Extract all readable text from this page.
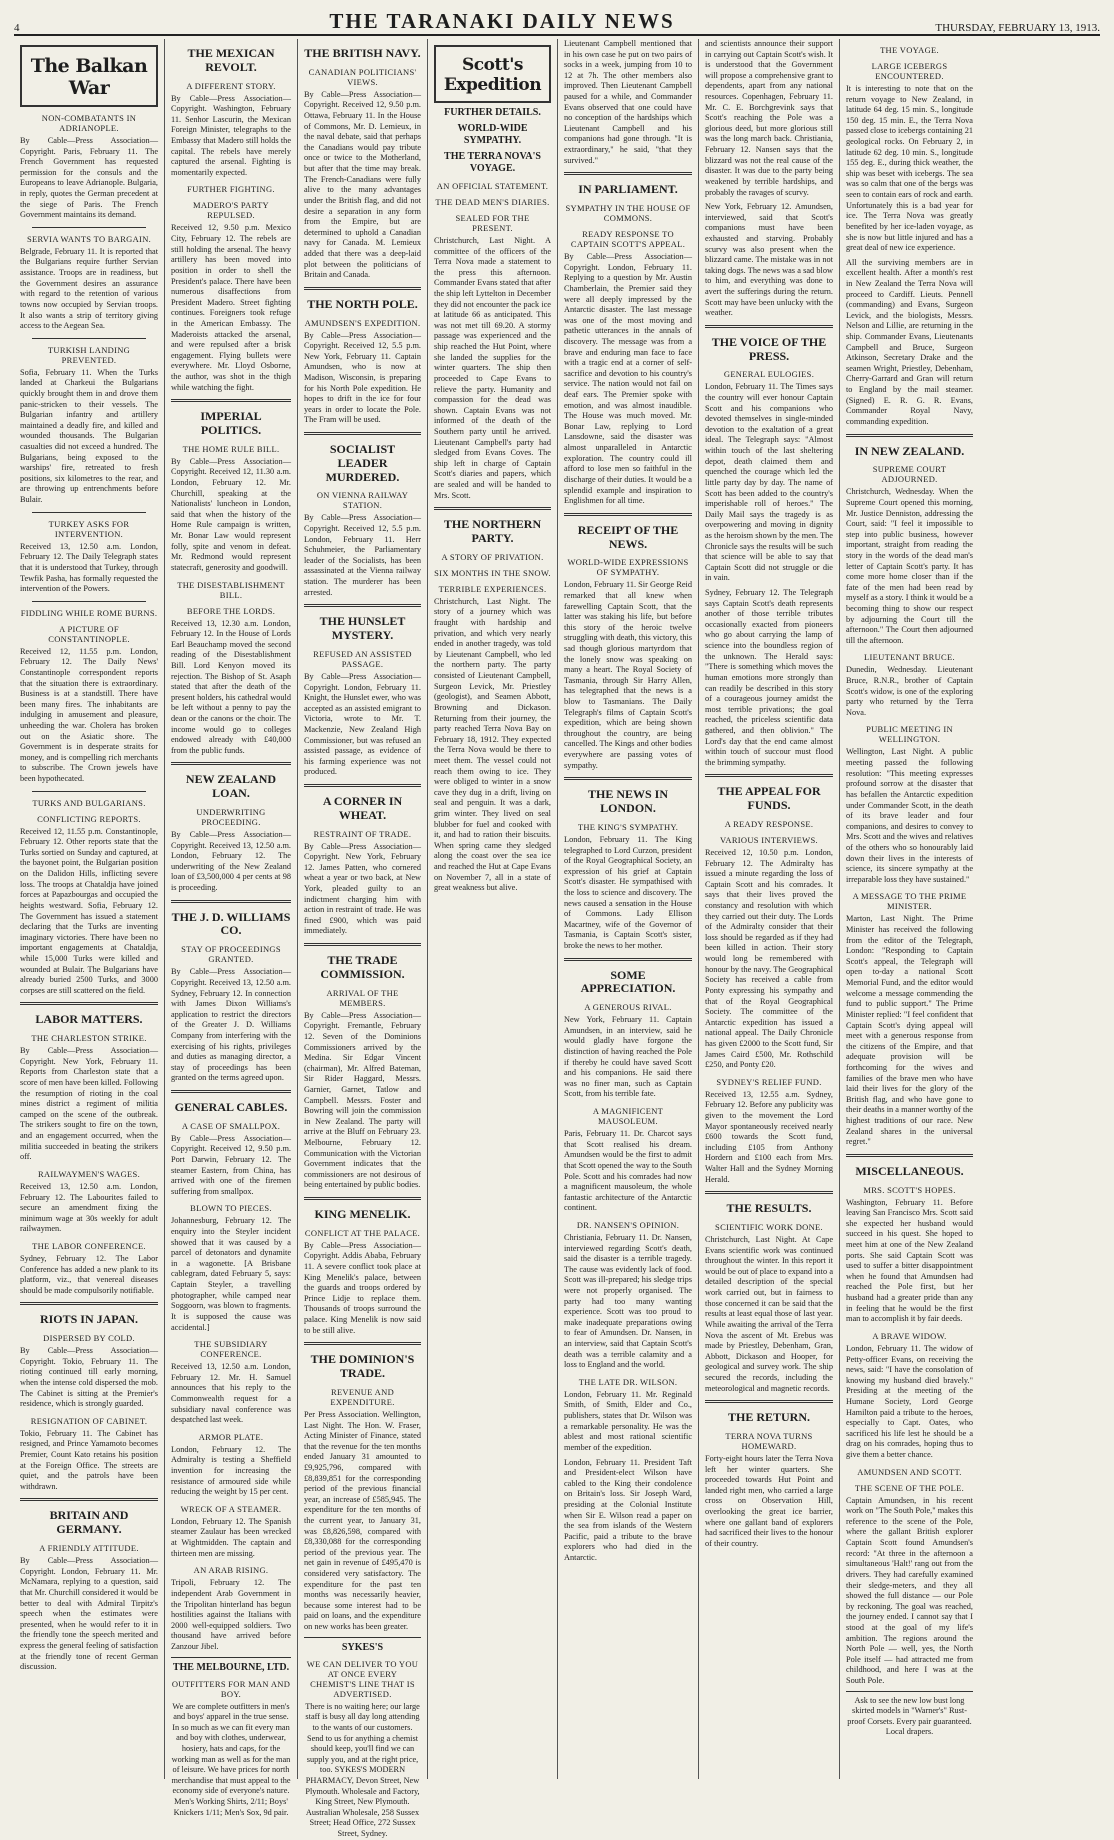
4	THE TARANAKI DAILY NEWS	THURSDAY, FEBRUARY 13, 1913.
The Balkan War
NON-COMBATANTS IN ADRIANOPLE.

By Cable—Press Association—Copyright. Paris, February 11. The French Government has requested permission for the consuls and the Europeans to leave Adrianople. Bulgaria, in reply, quotes the German precedent at the siege of Paris. The French Government maintains its demand.

SERVIA WANTS TO BARGAIN.

Belgrade, February 11. It is reported that the Bulgarians require further Servian assistance. Troops are in readiness, but the Government desires an assurance with regard to the retention of various towns now occupied by Servian troops. It also wants a strip of territory giving access to the Aegean Sea.

TURKISH LANDING PREVENTED.

Sofia, February 11. When the Turks landed at Charkeui the Bulgarians quickly brought them in and drove them panic-stricken to their vessels. The Bulgarian infantry and artillery maintained a deadly fire, and killed and wounded thousands. The Bulgarian casualties did not exceed a hundred. The Bulgarians, being exposed to the warships' fire, retreated to fresh positions, six kilometres to the rear, and are throwing up entrenchments before Bulair.

TURKEY ASKS FOR INTERVENTION.

Received 13, 12.50 a.m. London, February 12. The Daily Telegraph states that it is understood that Turkey, through Tewfik Pasha, has formally requested the intervention of the Powers.

FIDDLING WHILE ROME BURNS.
A PICTURE OF CONSTANTINOPLE.

Received 12, 11.55 p.m. London, February 12. The Daily News' Constantinople correspondent reports that the situation there is extraordinary. Business is at a standstill. There have been many fires. The inhabitants are indulging in amusement and pleasure, unheeding the war. Cholera has broken out on the Asiatic shore. The Government is in desperate straits for money, and is compelling rich merchants to subscribe. The Crown jewels have been hypothecated.

TURKS AND BULGARIANS.
CONFLICTING REPORTS.

Received 12, 11.55 p.m. Constantinople, February 12. Other reports state that the Turks sortied on Sunday and captured, at the bayonet point, the Bulgarian position on the Dalidon Hills, inflicting severe loss. The troops at Chataldja have joined forces at Papazbourgas and occupied the heights westward. Sofia, February 12. The Government has issued a statement declaring that the Turks are inventing imaginary victories. There have been no important engagements at Chataldja, while 15,000 Turks were killed and wounded at Bulair. The Bulgarians have already buried 2500 Turks, and 3000 corpses are still scattered on the field.

LABOR MATTERS.
THE CHARLESTON STRIKE.

By Cable—Press Association—Copyright. New York, February 11. Reports from Charleston state that a score of men have been killed. Following the resumption of rioting in the coal mines district a regiment of militia camped on the scene of the outbreak. The strikers sought to fire on the town, and an engagement occurred, when the militia succeeded in beating the strikers off.

RAILWAYMEN'S WAGES.

Received 13, 12.50 a.m. London, February 12. The Labourites failed to secure an amendment fixing the minimum wage at 30s weekly for adult railwaymen.

THE LABOR CONFERENCE.

Sydney, February 12. The Labor Conference has added a new plank to its platform, viz., that venereal diseases should be made compulsorily notifiable.

RIOTS IN JAPAN.
DISPERSED BY COLD.

By Cable—Press Association—Copyright. Tokio, February 11. The rioting continued till early morning, when the intense cold dispersed the mob. The Cabinet is sitting at the Premier's residence, which is strongly guarded.

RESIGNATION OF CABINET.

Tokio, February 11. The Cabinet has resigned, and Prince Yamamoto becomes Premier, Count Kato retains his position at the Foreign Office. The streets are quiet, and the patrols have been withdrawn.

BRITAIN AND GERMANY.
A FRIENDLY ATTITUDE.

By Cable—Press Association—Copyright. London, February 11. Mr. McNamara, replying to a question, said that Mr. Churchill considered it would be better to deal with Admiral Tirpitz's speech when the estimates were presented, when he would refer to it in the friendly tone the speech merited and express the general feeling of satisfaction at the friendly tone of recent German discussion.

THE MEXICAN REVOLT.
A DIFFERENT STORY.

By Cable—Press Association—Copyright. Washington, February 11. Senhor Lascurin, the Mexican Foreign Minister, telegraphs to the Embassy that Madero still holds the capital. The rebels have merely captured the arsenal. Fighting is momentarily expected.

FURTHER FIGHTING.
MADERO'S PARTY REPULSED.

Received 12, 9.50 p.m. Mexico City, February 12. The rebels are still holding the arsenal. The heavy artillery has been moved into position in order to shell the President's palace. There have been numerous disaffections from President Madero. Street fighting continues. Foreigners took refuge in the American Embassy. The Maderoists attacked the arsenal, and were repulsed after a brisk engagement. Flying bullets were everywhere. Mr. Lloyd Osborne, the author, was shot in the thigh while watching the fight.

IMPERIAL POLITICS.
THE HOME RULE BILL.

By Cable—Press Association—Copyright. Received 12, 11.30 a.m. London, February 12. Mr. Churchill, speaking at the Nationalists' luncheon in London, said that when the history of the Home Rule campaign is written, Mr. Bonar Law would represent folly, spite and venom in defeat. Mr. Redmond would represent statecraft, generosity and goodwill.

THE DISESTABLISHMENT BILL.
BEFORE THE LORDS.

Received 13, 12.30 a.m. London, February 12. In the House of Lords Earl Beauchamp moved the second reading of the Disestablishment Bill. Lord Kenyon moved its rejection. The Bishop of St. Asaph stated that after the death of the present holders, his cathedral would be left without a penny to pay the dean or the canons or the choir. The income would go to colleges endowed already with £40,000 from the public funds.

NEW ZEALAND LOAN.
UNDERWRITING PROCEEDING.

By Cable—Press Association—Copyright. Received 13, 12.50 a.m. London, February 12. The underwriting of the New Zealand loan of £3,500,000 4 per cents at 98 is proceeding.

THE J. D. WILLIAMS CO.
STAY OF PROCEEDINGS GRANTED.

By Cable—Press Association—Copyright. Received 13, 12.50 a.m. Sydney, February 12. In connection with James Dixon Williams's application to restrict the directors of the Greater J. D. Williams Company from interfering with the exercising of his rights, privileges and duties as managing director, a stay of proceedings has been granted on the terms agreed upon.

GENERAL CABLES.
A CASE OF SMALLPOX.

By Cable—Press Association—Copyright. Received 12, 9.50 p.m. Port Darwin, February 12. The steamer Eastern, from China, has arrived with one of the firemen suffering from smallpox.

BLOWN TO PIECES.

Johannesburg, February 12. The enquiry into the Steyler incident showed that it was caused by a parcel of detonators and dynamite in a wagonette. [A Brisbane cablegram, dated February 5, says: Captain Steyler, a travelling photographer, while camped near Soggoorn, was blown to fragments. It is supposed the cause was accidental.]

THE SUBSIDIARY CONFERENCE.

Received 13, 12.50 a.m. London, February 12. Mr. H. Samuel announces that his reply to the Commonwealth request for a subsidiary naval conference was despatched last week.

ARMOR PLATE.

London, February 12. The Admiralty is testing a Sheffield invention for increasing the resistance of armoured side while reducing the weight by 15 per cent.

WRECK OF A STEAMER.

London, February 12. The Spanish steamer Zaulaur has been wrecked at Wightmidden. The captain and thirteen men are missing.

AN ARAB RISING.

Tripoli, February 12. The independent Arab Government in the Tripolitan hinterland has begun hostilities against the Italians with 2000 well-equipped soldiers. Two thousand have arrived before Zanzour Jibel.

THE MELBOURNE, LTD.
OUTFITTERS FOR MAN AND BOY.

We are complete outfitters in men's and boys' apparel in the true sense. In so much as we can fit every man and boy with clothes, underwear, hosiery, hats and caps, for the working man as well as for the man of leisure. We have prices for north merchandise that must appeal to the economy side of everyone's nature. Men's Working Shirts, 2/11; Boys' Knickers 1/11; Men's Sox, 9d pair.

THE BRITISH NAVY.
CANADIAN POLITICIANS' VIEWS.

By Cable—Press Association—Copyright. Received 12, 9.50 p.m. Ottawa, February 11. In the House of Commons, Mr. D. Lemieux, in the naval debate, said that perhaps the Canadians would pay tribute once or twice to the Motherland, but after that the time may break. The French-Canadians were fully alive to the many advantages under the British flag, and did not desire a separation in any form from the Empire, but are determined to uphold a Canadian navy for Canada. M. Lemieux added that there was a deep-laid plot between the politicians of Britain and Canada.

THE NORTH POLE.
AMUNDSEN'S EXPEDITION.

By Cable—Press Association—Copyright. Received 12, 5.5 p.m. New York, February 11. Captain Amundsen, who is now at Madison, Wisconsin, is preparing for his North Pole expedition. He hopes to drift in the ice for four years in order to locate the Pole. The Fram will be used.

SOCIALIST LEADER MURDERED.
ON VIENNA RAILWAY STATION.

By Cable—Press Association—Copyright. Received 12, 5.5 p.m. London, February 11. Herr Schuhmeier, the Parliamentary leader of the Socialists, has been assassinated at the Vienna railway station. The murderer has been arrested.

THE HUNSLET MYSTERY.
REFUSED AN ASSISTED PASSAGE.

By Cable—Press Association—Copyright. London, February 11. Knight, the Hunslet ewer, who was accepted as an assisted emigrant to Victoria, wrote to Mr. T. Mackenzie, New Zealand High Commissioner, but was refused an assisted passage, as evidence of his farming experience was not produced.

A CORNER IN WHEAT.
RESTRAINT OF TRADE.

By Cable—Press Association—Copyright. New York, February 12. James Patten, who cornered wheat a year or two back, at New York, pleaded guilty to an indictment charging him with action in restraint of trade. He was fined £900, which was paid immediately.

THE TRADE COMMISSION.
ARRIVAL OF THE MEMBERS.

By Cable—Press Association—Copyright. Fremantle, February 12. Seven of the Dominions Commissioners arrived by the Medina. Sir Edgar Vincent (chairman), Mr. Alfred Bateman, Sir Rider Haggard, Messrs. Garnier, Garnet, Tatlow and Campbell. Messrs. Foster and Bowring will join the commission in New Zealand. The party will arrive at the Bluff on February 23. Melbourne, February 12. Communication with the Victorian Government indicates that the commissioners are not desirous of being entertained by public bodies.

KING MENELIK.
CONFLICT AT THE PALACE.

By Cable—Press Association—Copyright. Addis Ababa, February 11. A severe conflict took place at King Menelik's palace, between the guards and troops ordered by Prince Lidje to replace them. Thousands of troops surround the palace. King Menelik is now said to be still alive.

THE DOMINION'S TRADE.
REVENUE AND EXPENDITURE.

Per Press Association. Wellington, Last Night. The Hon. W. Fraser, Acting Minister of Finance, stated that the revenue for the ten months ended January 31 amounted to £9,925,796, compared with £8,839,851 for the corresponding period of the previous financial year, an increase of £585,945. The expenditure for the ten months of the current year, to January 31, was £8,826,598, compared with £8,330,088 for the corresponding period of the previous year. The net gain in revenue of £495,470 is considered very satisfactory. The expenditure for the past ten months was necessarily heavier, because some interest had to be paid on loans, and the expenditure on new works has been greater.

SYKES'S
WE CAN DELIVER TO YOU AT ONCE EVERY CHEMIST'S LINE THAT IS ADVERTISED.

There is no waiting here; our large staff is busy all day long attending to the wants of our customers. Send to us for anything a chemist should keep, you'll find we can supply you, and at the right price, too. SYKES'S MODERN PHARMACY, Devon Street, New Plymouth. Wholesale and Factory, King Street, New Plymouth. Australian Wholesale, 258 Sussex Street; Head Office, 272 Sussex Street, Sydney.

Scott's Expedition
FURTHER DETAILS.
WORLD-WIDE SYMPATHY.
THE TERRA NOVA'S VOYAGE.
AN OFFICIAL STATEMENT.
THE DEAD MEN'S DIARIES.
SEALED FOR THE PRESENT.

Christchurch, Last Night. A committee of the officers of the Terra Nova made a statement to the press this afternoon. Commander Evans stated that after the ship left Lyttelton in December they did not encounter the pack ice at latitude 66 as anticipated. This was not met till 69.20. A stormy passage was experienced and the ship reached the Hut Point, where she landed the supplies for the winter quarters. The ship then proceeded to Cape Evans to relieve the party. Humanity and compassion for the dead was shown. Captain Evans was not informed of the death of the Southern party until he arrived. Lieutenant Campbell's party had sledged from Evans Coves. The ship left in charge of Captain Scott's diaries and papers, which are sealed and will be handed to Mrs. Scott.

THE NORTHERN PARTY.
A STORY OF PRIVATION.
SIX MONTHS IN THE SNOW.
TERRIBLE EXPERIENCES.

Christchurch, Last Night. The story of a journey which was fraught with hardship and privation, and which very nearly ended in another tragedy, was told by Lieutenant Campbell, who led the northern party. The party consisted of Lieutenant Campbell, Surgeon Levick, Mr. Priestley (geologist), and Seamen Abbott, Browning and Dickason. Returning from their journey, the party reached Terra Nova Bay on February 18, 1912. They expected the Terra Nova would be there to meet them. The vessel could not reach them owing to ice. They were obliged to winter in a snow cave they dug in a drift, living on seal and penguin. It was a dark, grim winter. They lived on seal blubber for fuel and cooked with it, and had to ration their biscuits. When spring came they sledged along the coast over the sea ice and reached the Hut at Cape Evans on November 7, all in a state of great weakness but alive.

Lieutenant Campbell mentioned that in his own case he put on two pairs of socks in a week, jumping from 10 to 12 at 7h. The other members also improved. Then Lieutenant Campbell paused for a while, and Commander Evans observed that one could have no conception of the hardships which Lieutenant Campbell and his companions had gone through. "It is extraordinary," he said, "that they survived."

IN PARLIAMENT.
SYMPATHY IN THE HOUSE OF COMMONS.
READY RESPONSE TO CAPTAIN SCOTT'S APPEAL.

By Cable—Press Association—Copyright. London, February 11. Replying to a question by Mr. Austin Chamberlain, the Premier said they were all deeply impressed by the Antarctic disaster. The last message was one of the most moving and pathetic utterances in the annals of discovery. The message was from a brave and enduring man face to face with a tragic end at a corner of self-sacrifice and devotion to his country's service. The nation would not fail on deaf ears. The Premier spoke with emotion, and was almost inaudible. The House was much moved. Mr. Bonar Law, replying to Lord Lansdowne, said the disaster was almost unparalleled in Antarctic exploration. The country could ill afford to lose men so faithful in the discharge of their duties. It would be a splendid example and inspiration to Englishmen for all time.

RECEIPT OF THE NEWS.
WORLD-WIDE EXPRESSIONS OF SYMPATHY.

London, February 11. Sir George Reid remarked that all knew when farewelling Captain Scott, that the latter was staking his life, but before this story of the heroic twelve struggling with death, this victory, this sad though glorious martyrdom that the lonely snow was speaking on many a heart. The Royal Society of Tasmania, through Sir Harry Allen, has telegraphed that the news is a blow to Tasmanians. The Daily Telegraph's films of Captain Scott's expedition, which are being shown throughout the country, are being cancelled. The Kings and other bodies everywhere are passing votes of sympathy.

THE NEWS IN LONDON.
THE KING'S SYMPATHY.

London, February 11. The King telegraphed to Lord Curzon, president of the Royal Geographical Society, an expression of his grief at Captain Scott's disaster. He sympathised with the loss to science and discovery. The news caused a sensation in the House of Commons. Lady Ellison Macartney, wife of the Governor of Tasmania, is Captain Scott's sister, broke the news to her mother.

SOME APPRECIATION.
A GENEROUS RIVAL.

New York, February 11. Captain Amundsen, in an interview, said he would gladly have forgone the distinction of having reached the Pole if thereby he could have saved Scott and his companions. He said there was no finer man, such as Captain Scott, from his terrible fate.

A MAGNIFICENT MAUSOLEUM.

Paris, February 11. Dr. Charcot says that Scott realised his dream. Amundsen would be the first to admit that Scott opened the way to the South Pole. Scott and his comrades had now a magnificent mausoleum, the whole fantastic architecture of the Antarctic continent.

DR. NANSEN'S OPINION.

Christiania, February 11. Dr. Nansen, interviewed regarding Scott's death, said the disaster is a terrible tragedy. The cause was evidently lack of food. Scott was ill-prepared; his sledge trips were not properly organised. The party had too many wanting experience. Scott was too proud to make inadequate preparations owing to fear of Amundsen. Dr. Nansen, in an interview, said that Captain Scott's death was a terrible calamity and a loss to England and the world.

THE LATE DR. WILSON.

London, February 11. Mr. Reginald Smith, of Smith, Elder and Co., publishers, states that Dr. Wilson was a remarkable personality. He was the ablest and most rational scientific member of the expedition.

London, February 11. President Taft and President-elect Wilson have cabled to the King their condolence on Britain's loss. Sir Joseph Ward, presiding at the Colonial Institute when Sir E. Wilson read a paper on the sea from islands of the Western Pacific, paid a tribute to the brave explorers who had died in the Antarctic.

and scientists announce their support in carrying out Captain Scott's wish. It is understood that the Government will propose a comprehensive grant to dependents, apart from any national resources. Copenhagen, February 11. Mr. C. E. Borchgrevink says that Scott's reaching the Pole was a glorious deed, but more glorious still was the long march back. Christiania, February 12. Nansen says that the blizzard was not the real cause of the disaster. It was due to the party being weakened by terrible hardships, and probably the ravages of scurvy.

New York, February 12. Amundsen, interviewed, said that Scott's companions must have been exhausted and starving. Probably scurvy was also present when the blizzard came. The mistake was in not taking dogs. The news was a sad blow to him, and everything was done to avert the sufferings during the return. Scott may have been unlucky with the weather.

THE VOICE OF THE PRESS.
GENERAL EULOGIES.

London, February 11. The Times says the country will ever honour Captain Scott and his companions who devoted themselves in single-minded devotion to the exaltation of a great ideal. The Telegraph says: "Almost within touch of the last sheltering depot, death claimed them and quenched the courage which led the little party day by day. The name of Scott has been added to the country's imperishable roll of heroes." The Daily Mail says the tragedy is as overpowering and moving in dignity as the heroism shown by the men. The Chronicle says the results will be such that science will be able to say that Captain Scott did not struggle or die in vain.

Sydney, February 12. The Telegraph says Captain Scott's death represents another of those terrible tributes occasionally exacted from pioneers who go about carrying the lamp of science into the boundless region of the unknown. The Herald says: "There is something which moves the human emotions more strongly than can readily be described in this story of a courageous journey amidst the most terrible privations; the goal reached, the priceless scientific data gathered, and then oblivion." The Lord's day that the end came almost within touch of succour must flood the brimming sympathy.

THE APPEAL FOR FUNDS.
A READY RESPONSE.
VARIOUS INTERVIEWS.

Received 12, 10.50 p.m. London, February 12. The Admiralty has issued a minute regarding the loss of Captain Scott and his comrades. It says that their lives proved the constancy and resolution with which they carried out their duty. The Lords of the Admiralty consider that their loss should be regarded as if they had been killed in action. Their story would long be remembered with honour by the navy. The Geographical Society has received a cable from Ponty expressing his sympathy and that of the Royal Geographical Society. The committee of the Antarctic expedition has issued a national appeal. The Daily Chronicle has given £2000 to the Scott fund, Sir James Caird £500, Mr. Rothschild £250, and Ponty £20.

SYDNEY'S RELIEF FUND.

Received 13, 12.55 a.m. Sydney, February 12. Before any publicity was given to the movement the Lord Mayor spontaneously received nearly £600 towards the Scott fund, including £105 from Anthony Hordern and £100 each from Mrs. Walter Hall and the Sydney Morning Herald.

THE RESULTS.
SCIENTIFIC WORK DONE.

Christchurch, Last Night. At Cape Evans scientific work was continued throughout the winter. In this report it would be out of place to expand into a detailed description of the special work carried out, but in fairness to those concerned it can be said that the results at least equal those of last year. While awaiting the arrival of the Terra Nova the ascent of Mt. Erebus was made by Priestley, Debenham, Gran, Abbott, Dickason and Hooper, for geological and survey work. The ship secured the records, including the meteorological and magnetic records.

THE RETURN.
TERRA NOVA TURNS HOMEWARD.

Forty-eight hours later the Terra Nova left her winter quarters. She proceeded towards Hut Point and landed right men, who carried a large cross on Observation Hill, overlooking the great ice barrier, where one gallant band of explorers had sacrificed their lives to the honour of their country.

THE VOYAGE.
LARGE ICEBERGS ENCOUNTERED.

It is interesting to note that on the return voyage to New Zealand, in latitude 64 deg. 15 min. S., longitude 150 deg. 15 min. E., the Terra Nova passed close to icebergs containing 21 geological rocks. On February 2, in latitude 62 deg. 10 min. S., longitude 155 deg. E., during thick weather, the ship was beset with icebergs. The sea was so calm that one of the bergs was seen to contain ears of rock and earth. Unfortunately this is a bad year for ice. The Terra Nova was greatly benefited by her ice-laden voyage, as she is now but little injured and has a great deal of new ice experience.

All the surviving members are in excellent health. After a month's rest in New Zealand the Terra Nova will proceed to Cardiff. Lieuts. Pennell (commanding) and Evans, Surgeon Levick, and the biologists, Messrs. Nelson and Lillie, are returning in the ship. Commander Evans, Lieutenants Campbell and Bruce, Surgeon Atkinson, Secretary Drake and the seamen Wright, Priestley, Debenham, Cherry-Garrard and Gran will return to England by the mail steamer. (Signed) E. R. G. R. Evans, Commander Royal Navy, commanding expedition.

IN NEW ZEALAND.
SUPREME COURT ADJOURNED.

Christchurch, Wednesday. When the Supreme Court opened this morning, Mr. Justice Denniston, addressing the Court, said: "I feel it impossible to step into public business, however important, straight from reading the story in the words of the dead man's letter of Captain Scott's party. It has come more home closer than if the fate of the men had been read by myself as a story. I think it would be a becoming thing to show our respect by adjourning the Court till the afternoon." The Court then adjourned till the afternoon.

LIEUTENANT BRUCE.

Dunedin, Wednesday. Lieutenant Bruce, R.N.R., brother of Captain Scott's widow, is one of the exploring party who returned by the Terra Nova.

PUBLIC MEETING IN WELLINGTON.

Wellington, Last Night. A public meeting passed the following resolution: "This meeting expresses profound sorrow at the disaster that has befallen the Antarctic expedition under Commander Scott, in the death of its brave leader and four companions, and desires to convey to Mrs. Scott and the wives and relatives of the others who so honourably laid down their lives in the interests of science, its sincere sympathy at the irreparable loss they have sustained."

A MESSAGE TO THE PRIME MINISTER.

Marton, Last Night. The Prime Minister has received the following from the editor of the Telegraph, London: "Responding to Captain Scott's appeal, the Telegraph will open to-day a national Scott Memorial Fund, and the editor would welcome a message commending the fund to public support." The Prime Minister replied: "I feel confident that Captain Scott's dying appeal will meet with a generous response from the citizens of the Empire, and that adequate provision will be forthcoming for the wives and families of the brave men who have laid their lives for the glory of the British flag, and who have gone to their deaths in a manner worthy of the highest traditions of our race. New Zealand shares in the universal regret."

MISCELLANEOUS.
MRS. SCOTT'S HOPES.

Washington, February 11. Before leaving San Francisco Mrs. Scott said she expected her husband would succeed in his quest. She hoped to meet him at one of the New Zealand ports. She said Captain Scott was used to suffer a bitter disappointment when he found that Amundsen had reached the Pole first, but her husband had a greater pride than any in feeling that he would be the first man to accomplish it by fair deeds.

A BRAVE WIDOW.

London, February 11. The widow of Petty-officer Evans, on receiving the news, said: "I have the consolation of knowing my husband died bravely." Presiding at the meeting of the Humane Society, Lord George Hamilton paid a tribute to the heroes, especially to Capt. Oates, who sacrificed his life lest he should be a drag on his comrades, hoping thus to give them a better chance.

AMUNDSEN AND SCOTT.
THE SCENE OF THE POLE.

Captain Amundsen, in his recent work on "The South Pole," makes this reference to the scene of the Pole, where the gallant British explorer Captain Scott found Amundsen's record: "At three in the afternoon a simultaneous 'Halt!' rang out from the drivers. They had carefully examined their sledge-meters, and they all showed the full distance — our Pole by reckoning. The goal was reached, the journey ended. I cannot say that I stood at the goal of my life's ambition. The regions around the North Pole — well, yes, the North Pole itself — had attracted me from childhood, and here I was at the South Pole.

Ask to see the new low bust long skirted models in "Warner's" Rust-proof Corsets. Every pair guaranteed. Local drapers.
